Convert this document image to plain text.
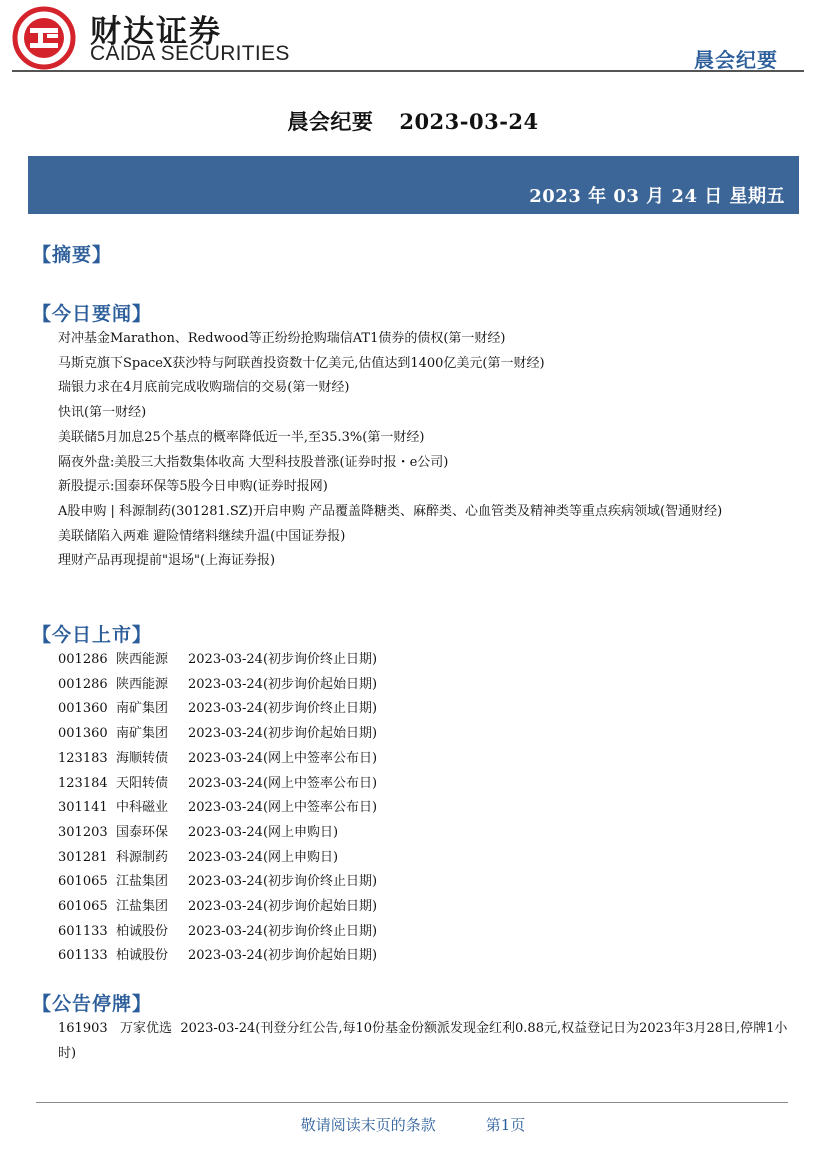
财达证券
CAIDA SECURITIES	晨会纪要
晨会纪要 2023-03-24
2023 年 03 月 24 日 星期五
【摘要】
【今日要闻】
对冲基金Marathon、Redwood等正纷纷抢购瑞信AT1债券的债权(第一财经)
马斯克旗下SpaceX获沙特与阿联酋投资数十亿美元,估值达到1400亿美元(第一财经)
瑞银力求在4月底前完成收购瑞信的交易(第一财经)
快讯(第一财经)
美联储5月加息25个基点的概率降低近一半,至35.3%(第一财经)
隔夜外盘:美股三大指数集体收高 大型科技股普涨(证券时报・e公司)
新股提示:国泰环保等5股今日申购(证券时报网)
A股申购 | 科源制药(301281.SZ)开启申购 产品覆盖降糖类、麻醉类、心血管类及精神类等重点疾病领域(智通财经)
美联储陷入两难 避险情绪料继续升温(中国证券报)
理财产品再现提前"退场"(上海证券报)
【今日上市】
001286 陕西能源 2023-03-24(初步询价终止日期)
001286 陕西能源 2023-03-24(初步询价起始日期)
001360 南矿集团 2023-03-24(初步询价终止日期)
001360 南矿集团 2023-03-24(初步询价起始日期)
123183 海顺转债 2023-03-24(网上中签率公布日)
123184 天阳转债 2023-03-24(网上中签率公布日)
301141 中科磁业 2023-03-24(网上中签率公布日)
301203 国泰环保 2023-03-24(网上申购日)
301281 科源制药 2023-03-24(网上申购日)
601065 江盐集团 2023-03-24(初步询价终止日期)
601065 江盐集团 2023-03-24(初步询价起始日期)
601133 柏诚股份 2023-03-24(初步询价终止日期)
601133 柏诚股份 2023-03-24(初步询价起始日期)
【公告停牌】
161903 万家优选 2023-03-24(刊登分红公告,每10份基金份额派发现金红利0.88元,权益登记日为2023年3月28日,停牌1小时)
敬请阅读末页的条款	第1页
